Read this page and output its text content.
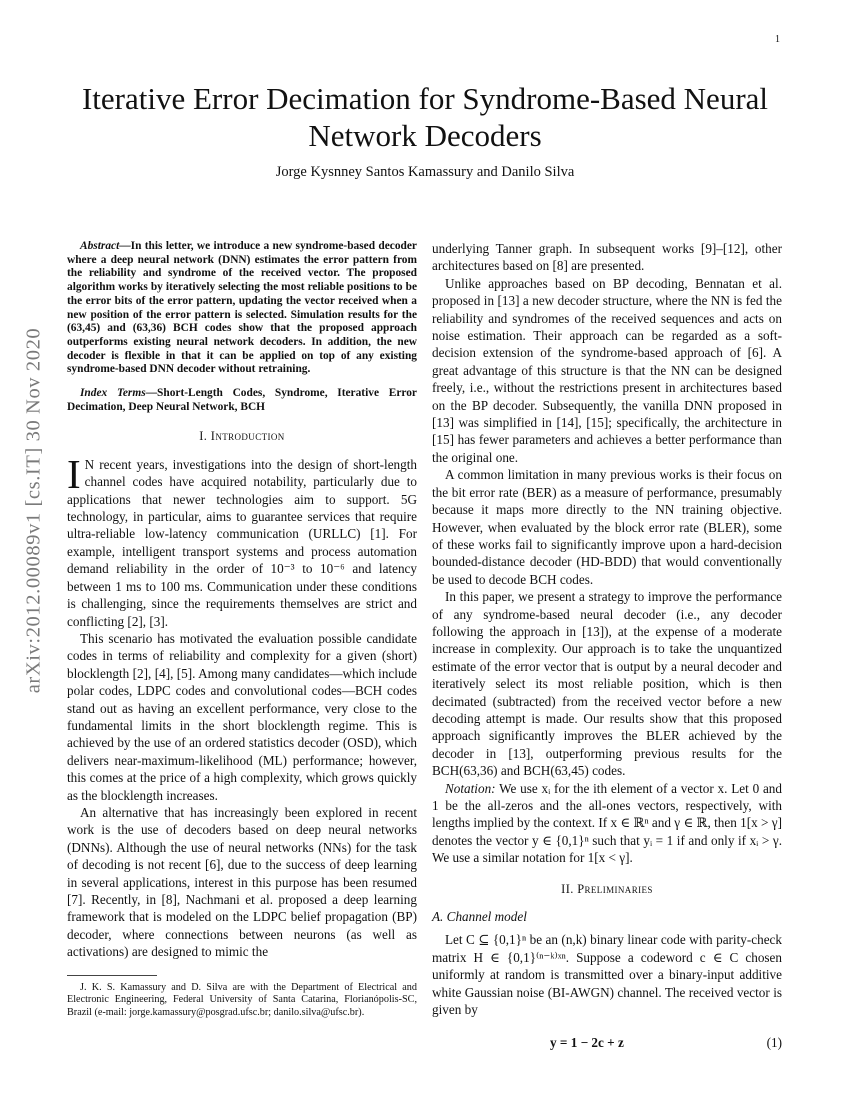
1
arXiv:2012.00089v1 [cs.IT] 30 Nov 2020
Iterative Error Decimation for Syndrome-Based Neural Network Decoders
Jorge Kysnney Santos Kamassury and Danilo Silva

Abstract—In this letter, we introduce a new syndrome-based decoder where a deep neural network (DNN) estimates the error pattern from the reliability and syndrome of the received vector. The proposed algorithm works by iteratively selecting the most reliable positions to be the error bits of the error pattern, updating the vector received when a new position of the error pattern is selected. Simulation results for the (63,45) and (63,36) BCH codes show that the proposed approach outperforms existing neural network decoders. In addition, the new decoder is flexible in that it can be applied on top of any existing syndrome-based DNN decoder without retraining.

Index Terms—Short-Length Codes, Syndrome, Iterative Error Decimation, Deep Neural Network, BCH

I. Introduction

I N recent years, investigations into the design of short-length channel codes have acquired notability, particularly due to applications that newer technologies aim to support. 5G technology, in particular, aims to guarantee services that require ultra-reliable low-latency communication (URLLC) [1]. For example, intelligent transport systems and process automation demand reliability in the order of 10⁻³ to 10⁻⁶ and latency between 1 ms to 100 ms. Communication under these conditions is challenging, since the requirements themselves are strict and conflicting [2], [3].

This scenario has motivated the evaluation possible candidate codes in terms of reliability and complexity for a given (short) blocklength [2], [4], [5]. Among many candidates—which include polar codes, LDPC codes and convolutional codes—BCH codes stand out as having an excellent performance, very close to the fundamental limits in the short blocklength regime. This is achieved by the use of an ordered statistics decoder (OSD), which delivers near-maximum-likelihood (ML) performance; however, this comes at the price of a high complexity, which grows quickly as the blocklength increases.

An alternative that has increasingly been explored in recent work is the use of decoders based on deep neural networks (DNNs). Although the use of neural networks (NNs) for the task of decoding is not recent [6], due to the success of deep learning in several applications, interest in this purpose has been resumed [7]. Recently, in [8], Nachmani et al. proposed a deep learning framework that is modeled on the LDPC belief propagation (BP) decoder, where connections between neurons (as well as activations) are designed to mimic the

J. K. S. Kamassury and D. Silva are with the Department of Electrical and Electronic Engineering, Federal University of Santa Catarina, Florianópolis-SC, Brazil (e-mail: jorge.kamassury@posgrad.ufsc.br; danilo.silva@ufsc.br).

underlying Tanner graph. In subsequent works [9]–[12], other architectures based on [8] are presented.

Unlike approaches based on BP decoding, Bennatan et al. proposed in [13] a new decoder structure, where the NN is fed the reliability and syndromes of the received sequences and acts on noise estimation. Their approach can be regarded as a soft-decision extension of the syndrome-based approach of [6]. A great advantage of this structure is that the NN can be designed freely, i.e., without the restrictions present in architectures based on the BP decoder. Subsequently, the vanilla DNN proposed in [13] was simplified in [14], [15]; specifically, the architecture in [15] has fewer parameters and achieves a better performance than the original one.

A common limitation in many previous works is their focus on the bit error rate (BER) as a measure of performance, presumably because it maps more directly to the NN training objective. However, when evaluated by the block error rate (BLER), some of these works fail to significantly improve upon a hard-decision bounded-distance decoder (HD-BDD) that would conventionally be used to decode BCH codes.

In this paper, we present a strategy to improve the performance of any syndrome-based neural decoder (i.e., any decoder following the approach in [13]), at the expense of a moderate increase in complexity. Our approach is to take the unquantized estimate of the error vector that is output by a neural decoder and iteratively select its most reliable position, which is then decimated (subtracted) from the received vector before a new decoding attempt is made. Our results show that this proposed approach significantly improves the BLER achieved by the decoder in [13], outperforming previous results for the BCH(63,36) and BCH(63,45) codes.

Notation: We use xᵢ for the ith element of a vector x. Let 0 and 1 be the all-zeros and the all-ones vectors, respectively, with lengths implied by the context. If x ∈ ℝⁿ and γ ∈ ℝ, then 1[x > γ] denotes the vector y ∈ {0,1}ⁿ such that yᵢ = 1 if and only if xᵢ > γ. We use a similar notation for 1[x < γ].

II. Preliminaries
A. Channel model

Let C ⊆ {0,1}ⁿ be an (n,k) binary linear code with parity-check matrix H ∈ {0,1}⁽ⁿ⁻ᵏ⁾ˣⁿ. Suppose a codeword c ∈ C chosen uniformly at random is transmitted over a binary-input additive white Gaussian noise (BI-AWGN) channel. The received vector is given by

y = 1 − 2c + z	(1)
